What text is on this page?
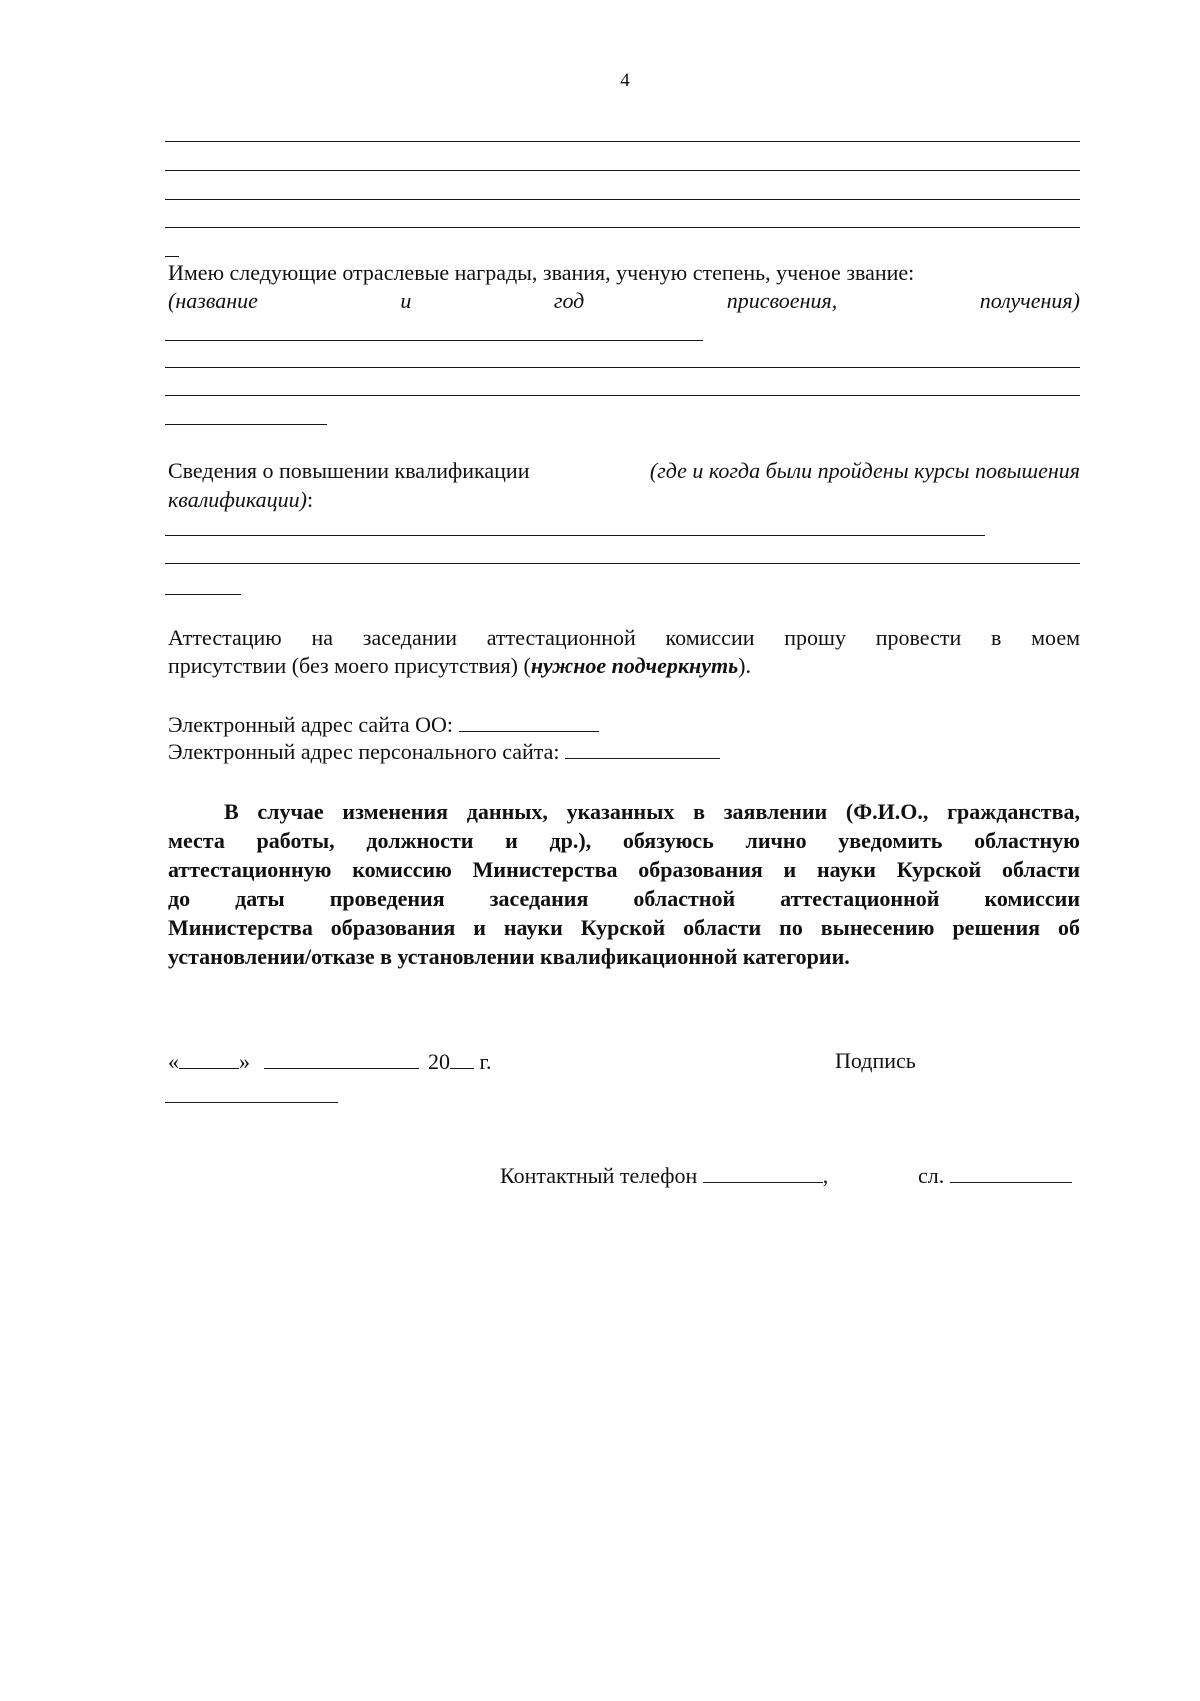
4
Имею следующие отраслевые награды, звания, ученую степень, ученое звание:
(название	и	год	присвоения,	получения)
Сведения о повышении квалификации	(где и когда были пройдены курсы повышения
квалификации):
Аттестацию на заседании аттестационной комиссии прошу провести в моем
присутствии (без моего присутствия) (нужное подчеркнуть).
Электронный адрес сайта ОО:
Электронный адрес персонального сайта:
В случае изменения данных, указанных в заявлении (Ф.И.О., гражданства,
места работы, должности и др.), обязуюсь лично уведомить областную
аттестационную комиссию Министерства образования и науки Курской области
до даты проведения заседания областной аттестационной комиссии
Министерства образования и науки Курской области по вынесению решения об
установлении/отказе в установлении квалификационной категории.
«	»	20 г.	Подпись
Контактный телефон	,	сл.
